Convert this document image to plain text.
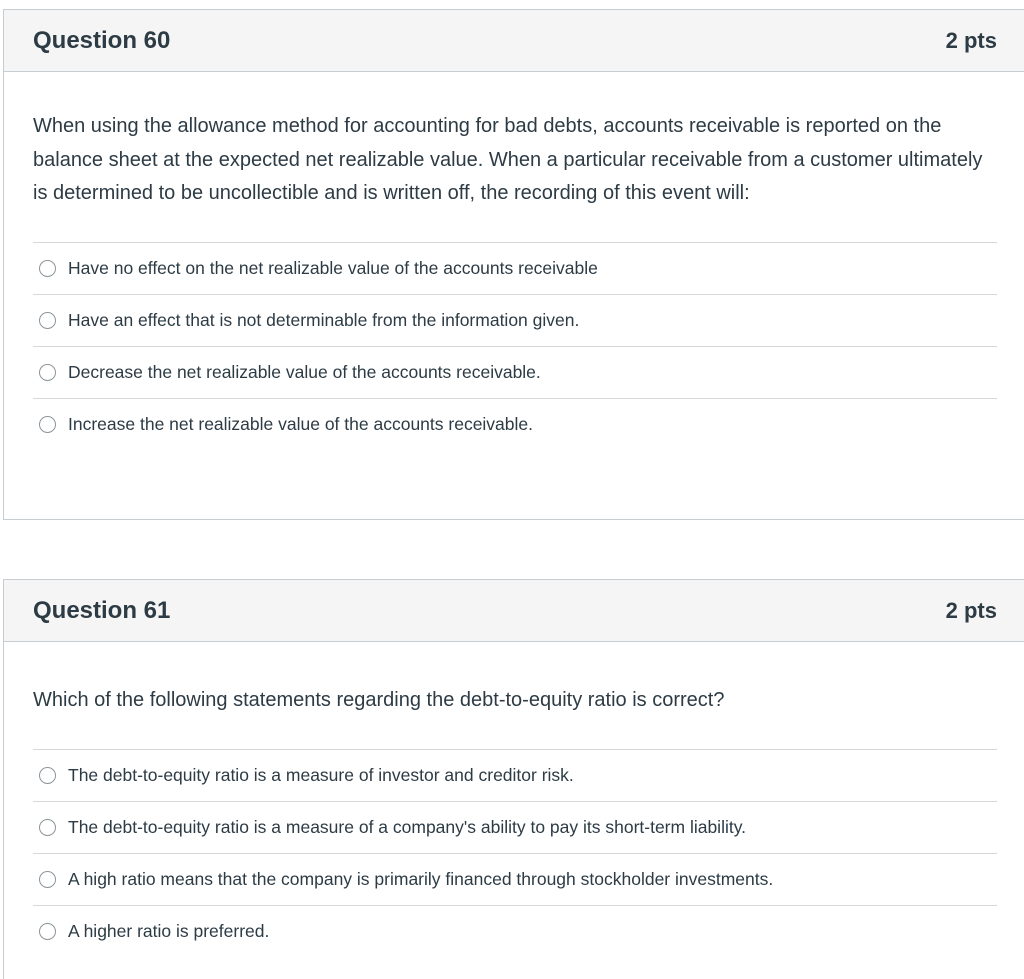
Question 60	2 pts
When using the allowance method for accounting for bad debts, accounts receivable is reported on the balance sheet at the expected net realizable value. When a particular receivable from a customer ultimately is determined to be uncollectible and is written off, the recording of this event will:
Have no effect on the net realizable value of the accounts receivable
Have an effect that is not determinable from the information given.
Decrease the net realizable value of the accounts receivable.
Increase the net realizable value of the accounts receivable.
Question 61	2 pts
Which of the following statements regarding the debt-to-equity ratio is correct?
The debt-to-equity ratio is a measure of investor and creditor risk.
The debt-to-equity ratio is a measure of a company's ability to pay its short-term liability.
A high ratio means that the company is primarily financed through stockholder investments.
A higher ratio is preferred.
